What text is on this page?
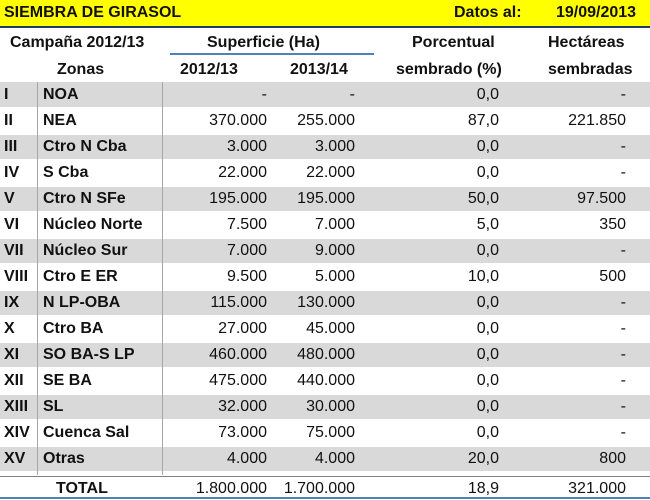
SIEMBRA DE GIRASOL	Datos al: 19/09/2013
Campaña 2012/13	Superficie (Ha)	Porcentual	Hectáreas
Zonas	2012/13	2013/14	sembrado (%)	sembradas
I NOA	-	-	0,0	-
II NEA	370.000	255.000	87,0	221.850
III Ctro N Cba	3.000	3.000	0,0	-
IV S Cba	22.000	22.000	0,0	-
V Ctro N SFe	195.000	195.000	50,0	97.500
VI Núcleo Norte	7.500	7.000	5,0	350
VII Núcleo Sur	7.000	9.000	0,0	-
VIII Ctro E ER	9.500	5.000	10,0	500
IX N LP-OBA	115.000	130.000	0,0	-
X Ctro BA	27.000	45.000	0,0	-
XI SO BA-S LP	460.000	480.000	0,0	-
XII SE BA	475.000	440.000	0,0	-
XIII SL	32.000	30.000	0,0	-
XIV Cuenca Sal	73.000	75.000	0,0	-
XV Otras	4.000	4.000	20,0	800
TOTAL	1.800.000	1.700.000	18,9	321.000
